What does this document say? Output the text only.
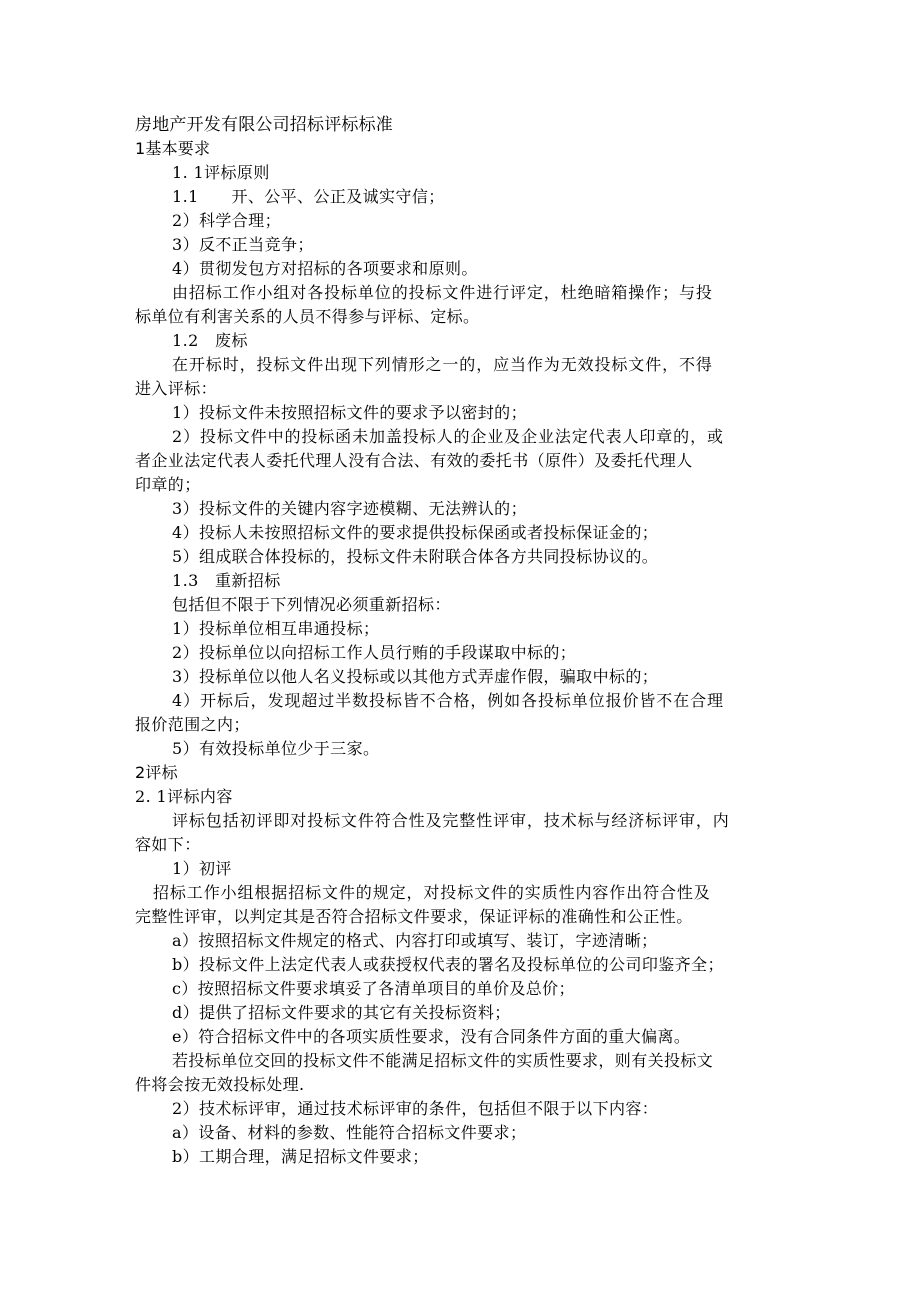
房地产开发有限公司招标评标标准
1基本要求
1. 1评标原则
1.1　　开、公平、公正及诚实守信；
2）科学合理；
3）反不正当竞争；
4）贯彻发包方对招标的各项要求和原则。
由招标工作小组对各投标单位的投标文件进行评定，杜绝暗箱操作；与投
标单位有利害关系的人员不得参与评标、定标。
1.2　废标
在开标时，投标文件出现下列情形之一的，应当作为无效投标文件，不得
进入评标：
1）投标文件未按照招标文件的要求予以密封的；
2）投标文件中的投标函未加盖投标人的企业及企业法定代表人印章的，或
者企业法定代表人委托代理人没有合法、有效的委托书（原件）及委托代理人
印章的；
3）投标文件的关键内容字迹模糊、无法辨认的；
4）投标人未按照招标文件的要求提供投标保函或者投标保证金的；
5）组成联合体投标的，投标文件未附联合体各方共同投标协议的。
1.3　重新招标
包括但不限于下列情况必须重新招标：
1）投标单位相互串通投标；
2）投标单位以向招标工作人员行贿的手段谋取中标的；
3）投标单位以他人名义投标或以其他方式弄虚作假，骗取中标的；
4）开标后，发现超过半数投标皆不合格，例如各投标单位报价皆不在合理
报价范围之内；
5）有效投标单位少于三家。
2评标
2. 1评标内容
评标包括初评即对投标文件符合性及完整性评审，技术标与经济标评审，内
容如下：
1）初评
招标工作小组根据招标文件的规定，对投标文件的实质性内容作出符合性及
完整性评审，以判定其是否符合招标文件要求，保证评标的准确性和公正性。
a）按照招标文件规定的格式、内容打印或填写、装订，字迹清晰；
b）投标文件上法定代表人或获授权代表的署名及投标单位的公司印鉴齐全；
c）按照招标文件要求填妥了各清单项目的单价及总价；
d）提供了招标文件要求的其它有关投标资料；
e）符合招标文件中的各项实质性要求，没有合同条件方面的重大偏离。
若投标单位交回的投标文件不能满足招标文件的实质性要求，则有关投标文
件将会按无效投标处理.
2）技术标评审，通过技术标评审的条件，包括但不限于以下内容：
a）设备、材料的参数、性能符合招标文件要求；
b）工期合理，满足招标文件要求；
